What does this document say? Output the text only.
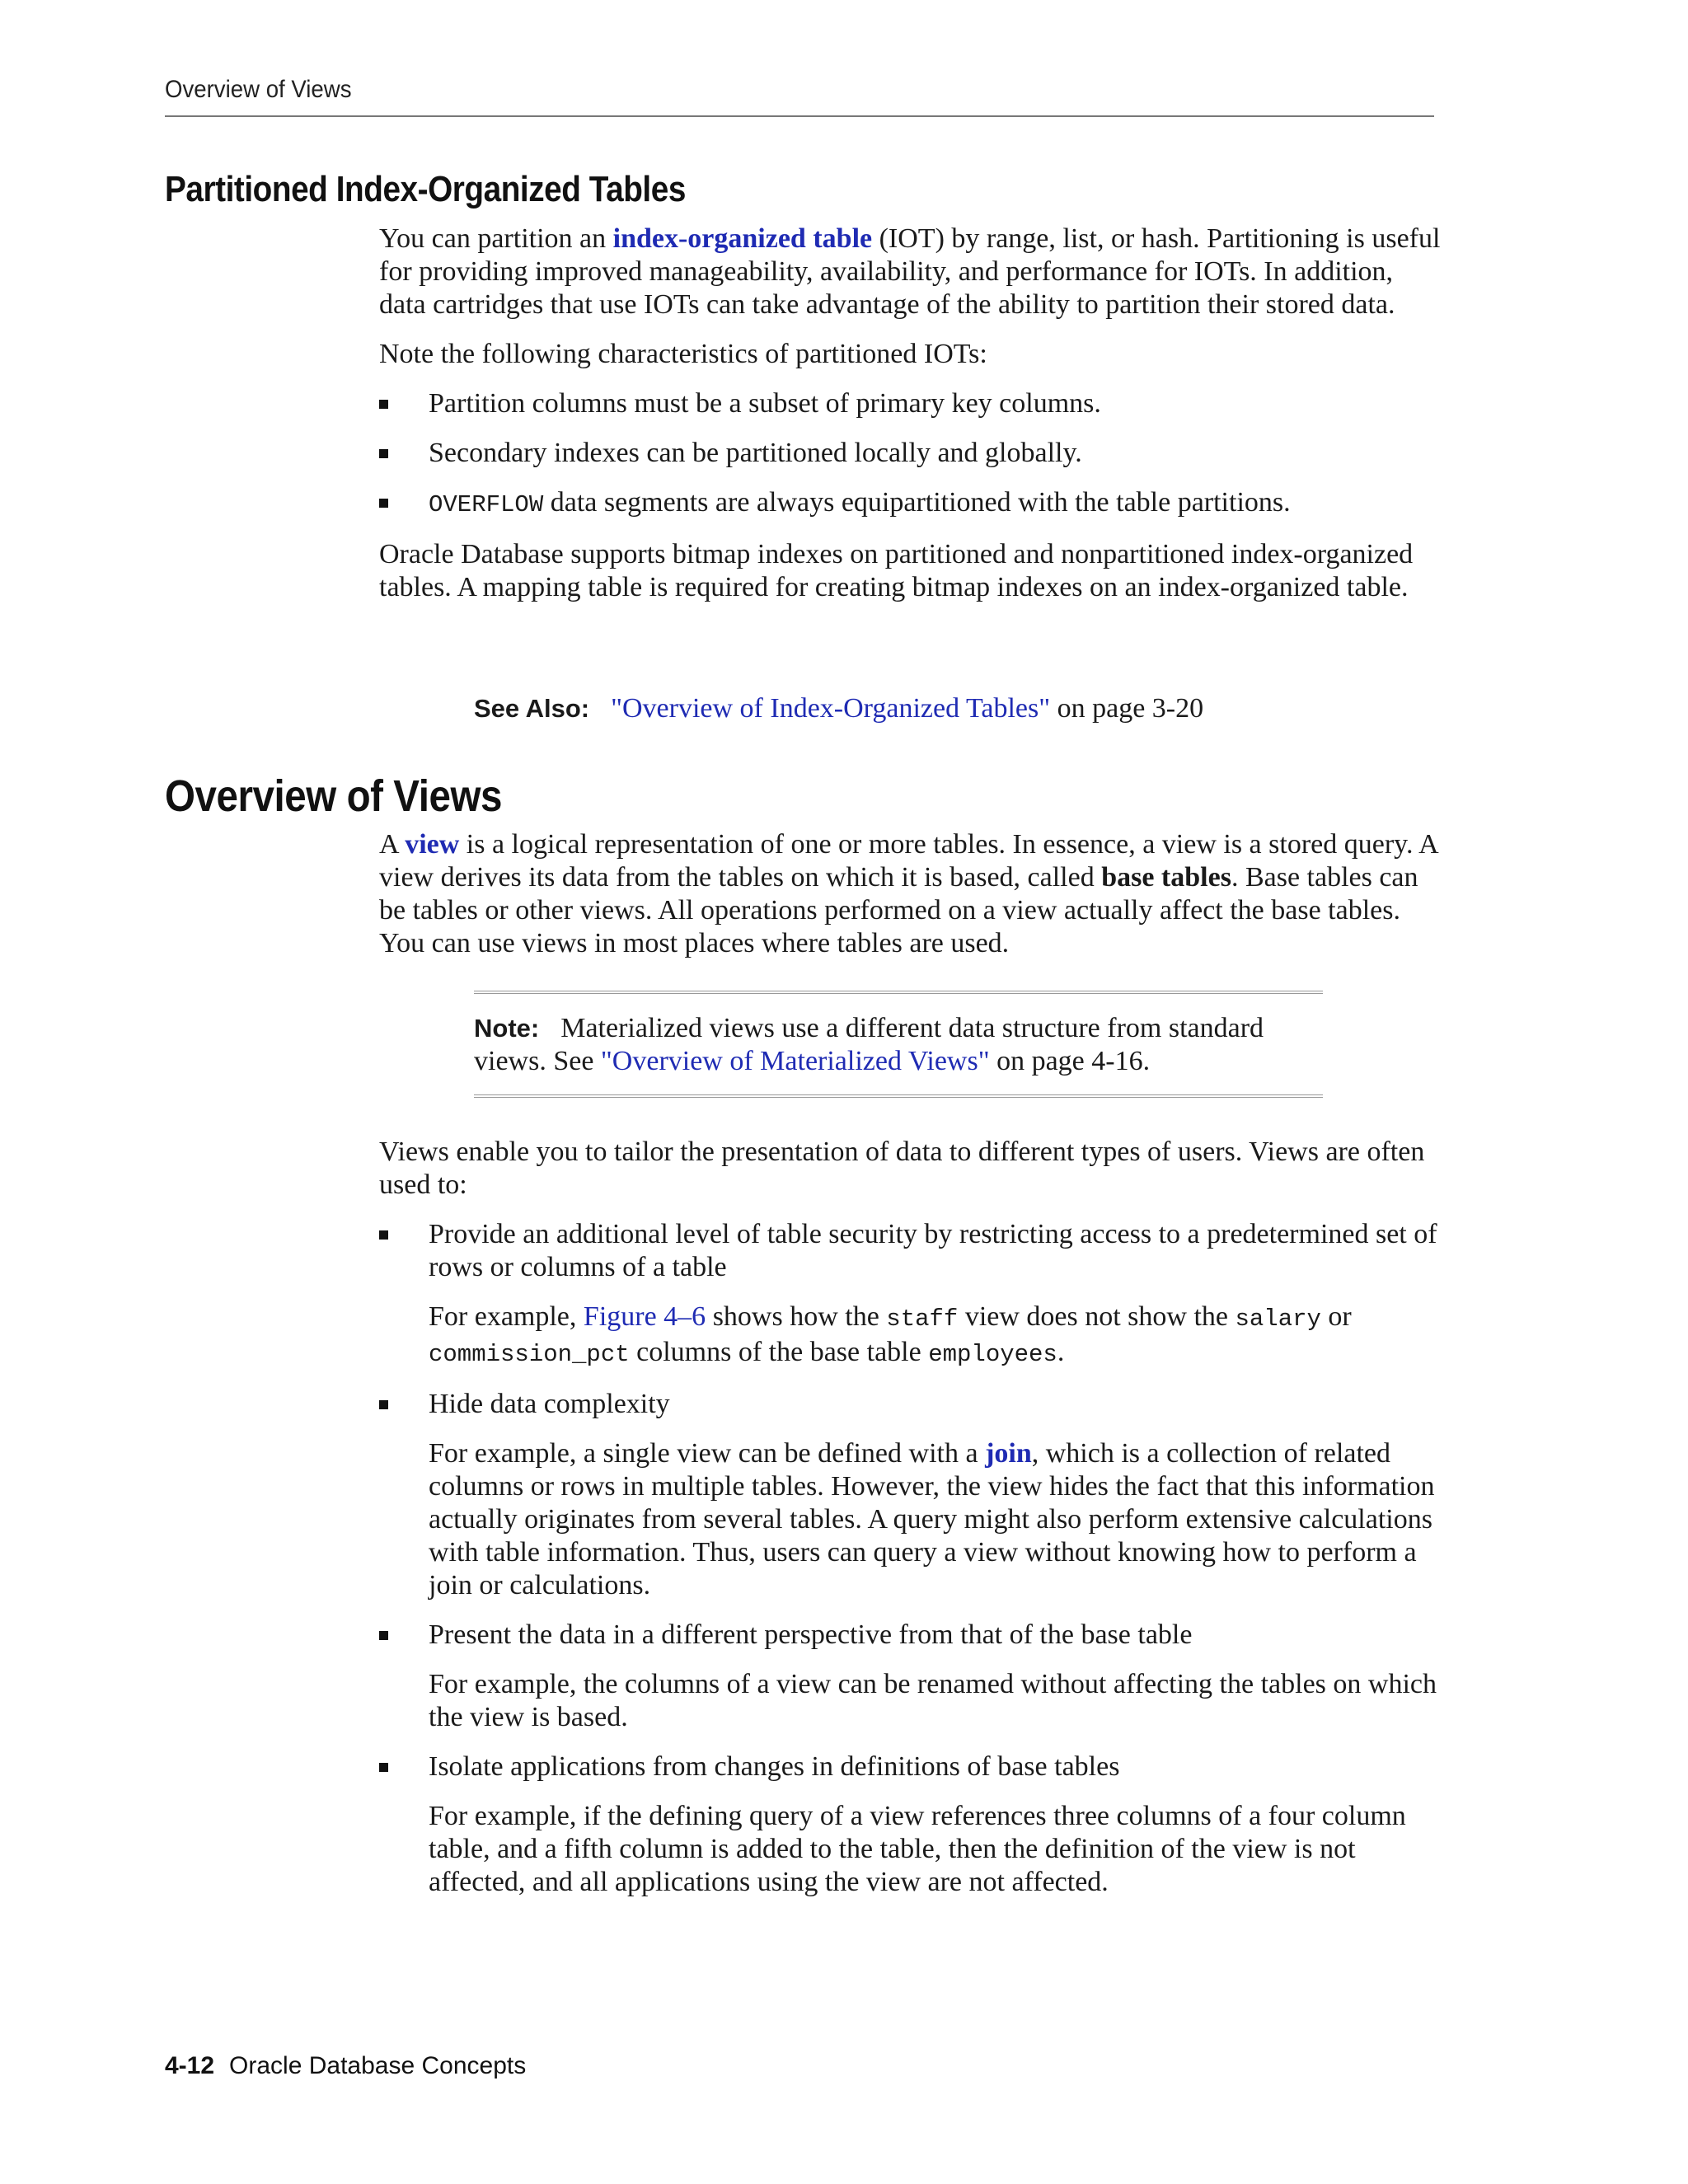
Overview of Views
Partitioned Index-Organized Tables

You can partition an index-organized table (IOT) by range, list, or hash. Partitioning is useful for providing improved manageability, availability, and performance for IOTs. In addition, data cartridges that use IOTs can take advantage of the ability to partition their stored data.

Note the following characteristics of partitioned IOTs:

Partition columns must be a subset of primary key columns.
Secondary indexes can be partitioned locally and globally.
OVERFLOW data segments are always equipartitioned with the table partitions.

Oracle Database supports bitmap indexes on partitioned and nonpartitioned index-organized tables. A mapping table is required for creating bitmap indexes on an index-organized table.

See Also: "Overview of Index-Organized Tables" on page 3-20
Overview of Views

A view is a logical representation of one or more tables. In essence, a view is a stored query. A view derives its data from the tables on which it is based, called base tables. Base tables can be tables or other views. All operations performed on a view actually affect the base tables. You can use views in most places where tables are used.

Note: Materialized views use a different data structure from standard views. See "Overview of Materialized Views" on page 4-16.

Views enable you to tailor the presentation of data to different types of users. Views are often used to:

Provide an additional level of table security by restricting access to a predetermined set of rows or columns of a table

For example, Figure 4–6 shows how the staff view does not show the salary or commission_pct columns of the base table employees.

Hide data complexity

For example, a single view can be defined with a join, which is a collection of related columns or rows in multiple tables. However, the view hides the fact that this information actually originates from several tables. A query might also perform extensive calculations with table information. Thus, users can query a view without knowing how to perform a join or calculations.

Present the data in a different perspective from that of the base table

For example, the columns of a view can be renamed without affecting the tables on which the view is based.

Isolate applications from changes in definitions of base tables

For example, if the defining query of a view references three columns of a four column table, and a fifth column is added to the table, then the definition of the view is not affected, and all applications using the view are not affected.

4-12 Oracle Database Concepts
